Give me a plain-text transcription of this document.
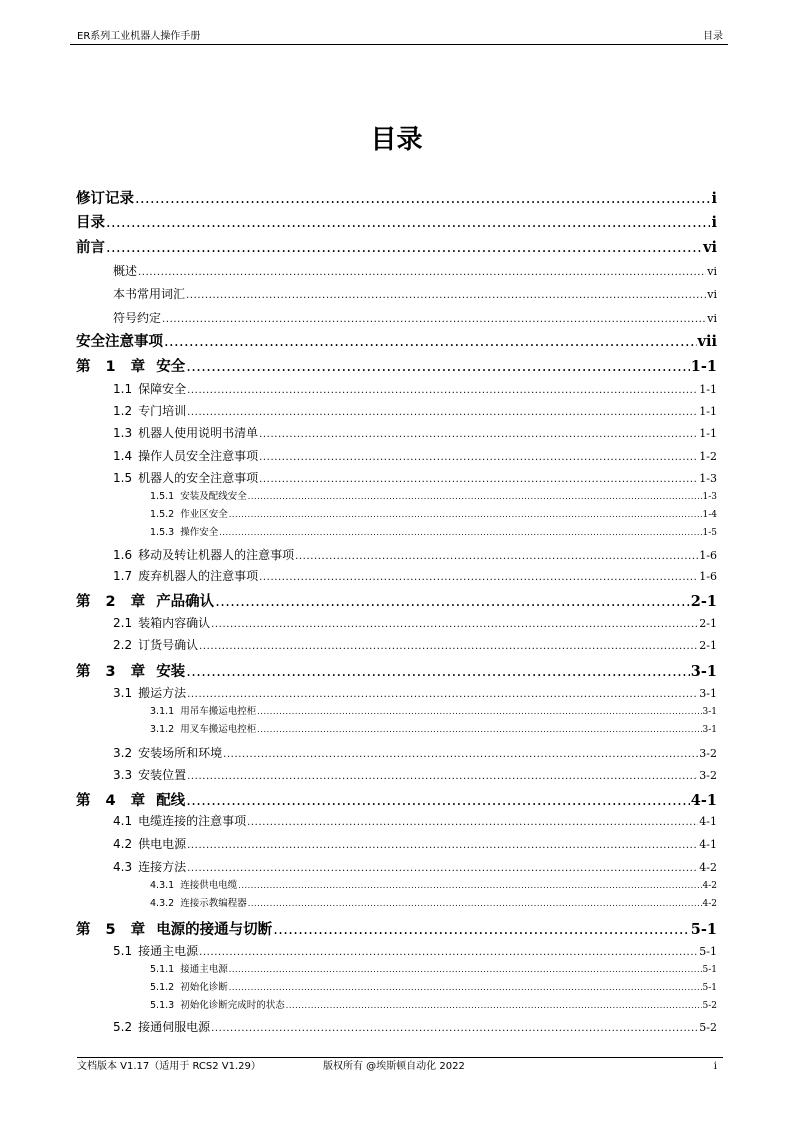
ER系列工业机器人操作手册	目录
目录
修订记录 .....	i
目录 .....	i
前言 .....	vi
概述 .....	vi
本书常用词汇 .....	vi
符号约定 .....	vi
安全注意事项 .....	vii
第 1 章 安全 .....	1-1
1.1 保障安全 .....	1-1
1.2 专门培训 .....	1-1
1.3 机器人使用说明书清单 .....	1-1
1.4 操作人员安全注意事项 .....	1-2
1.5 机器人的安全注意事项 .....	1-3
1.5.1 安装及配线安全 .....	1-3
1.5.2 作业区安全 .....	1-4
1.5.3 操作安全 .....	1-5
1.6 移动及转让机器人的注意事项 .....	1-6
1.7 废弃机器人的注意事项 .....	1-6
第 2 章 产品确认 .....	2-1
2.1 装箱内容确认 .....	2-1
2.2 订货号确认 .....	2-1
第 3 章 安装 .....	3-1
3.1 搬运方法 .....	3-1
3.1.1 用吊车搬运电控柜 .....	3-1
3.1.2 用叉车搬运电控柜 .....	3-1
3.2 安装场所和环境 .....	3-2
3.3 安装位置 .....	3-2
第 4 章 配线 .....	4-1
4.1 电缆连接的注意事项 .....	4-1
4.2 供电电源 .....	4-1
4.3 连接方法 .....	4-2
4.3.1 连接供电电缆 .....	4-2
4.3.2 连接示教编程器 .....	4-2
第 5 章 电源的接通与切断 .....	5-1
5.1 接通主电源 .....	5-1
5.1.1 接通主电源 .....	5-1
5.1.2 初始化诊断 .....	5-1
5.1.3 初始化诊断完成时的状态 .....	5-2
5.2 接通伺服电源 .....	5-2
文档版本 V1.17（适用于 RCS2 V1.29）	版权所有 @埃斯顿自动化 2022	i
